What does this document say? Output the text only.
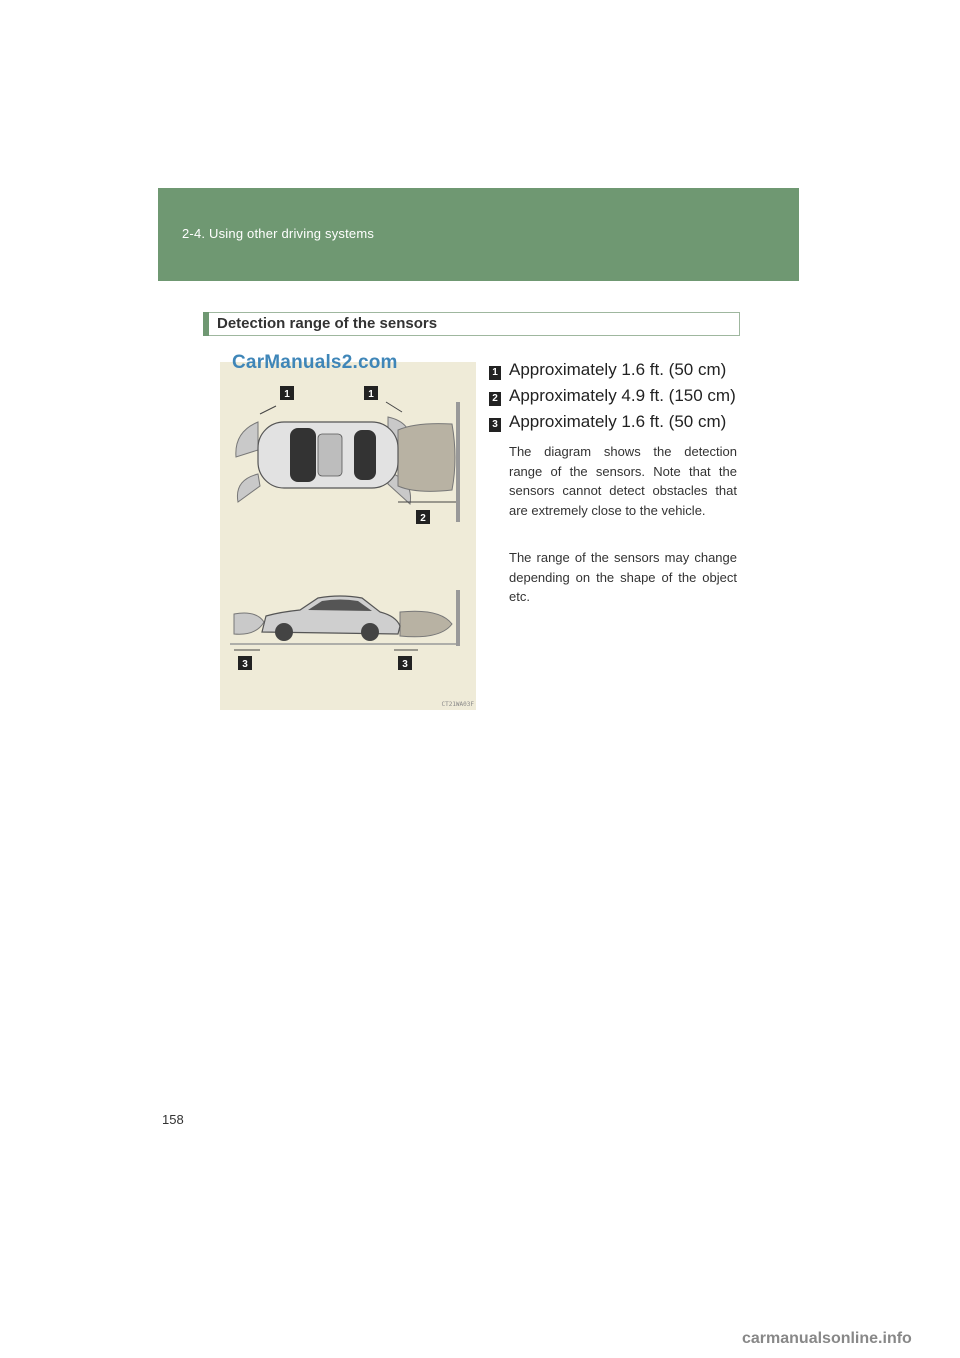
2-4. Using other driving systems
Detection range of the sensors
1	1
2
3	3
CarManuals2.com
CT21WA03F
1 Approximately 1.6 ft. (50 cm)
2 Approximately 4.9 ft. (150 cm)
3 Approximately 1.6 ft. (50 cm)

The diagram shows the detection range of the sensors. Note that the sensors cannot detect obstacles that are extremely close to the vehicle.

The range of the sensors may change depending on the shape of the object etc.

158
carmanualsonline.info
